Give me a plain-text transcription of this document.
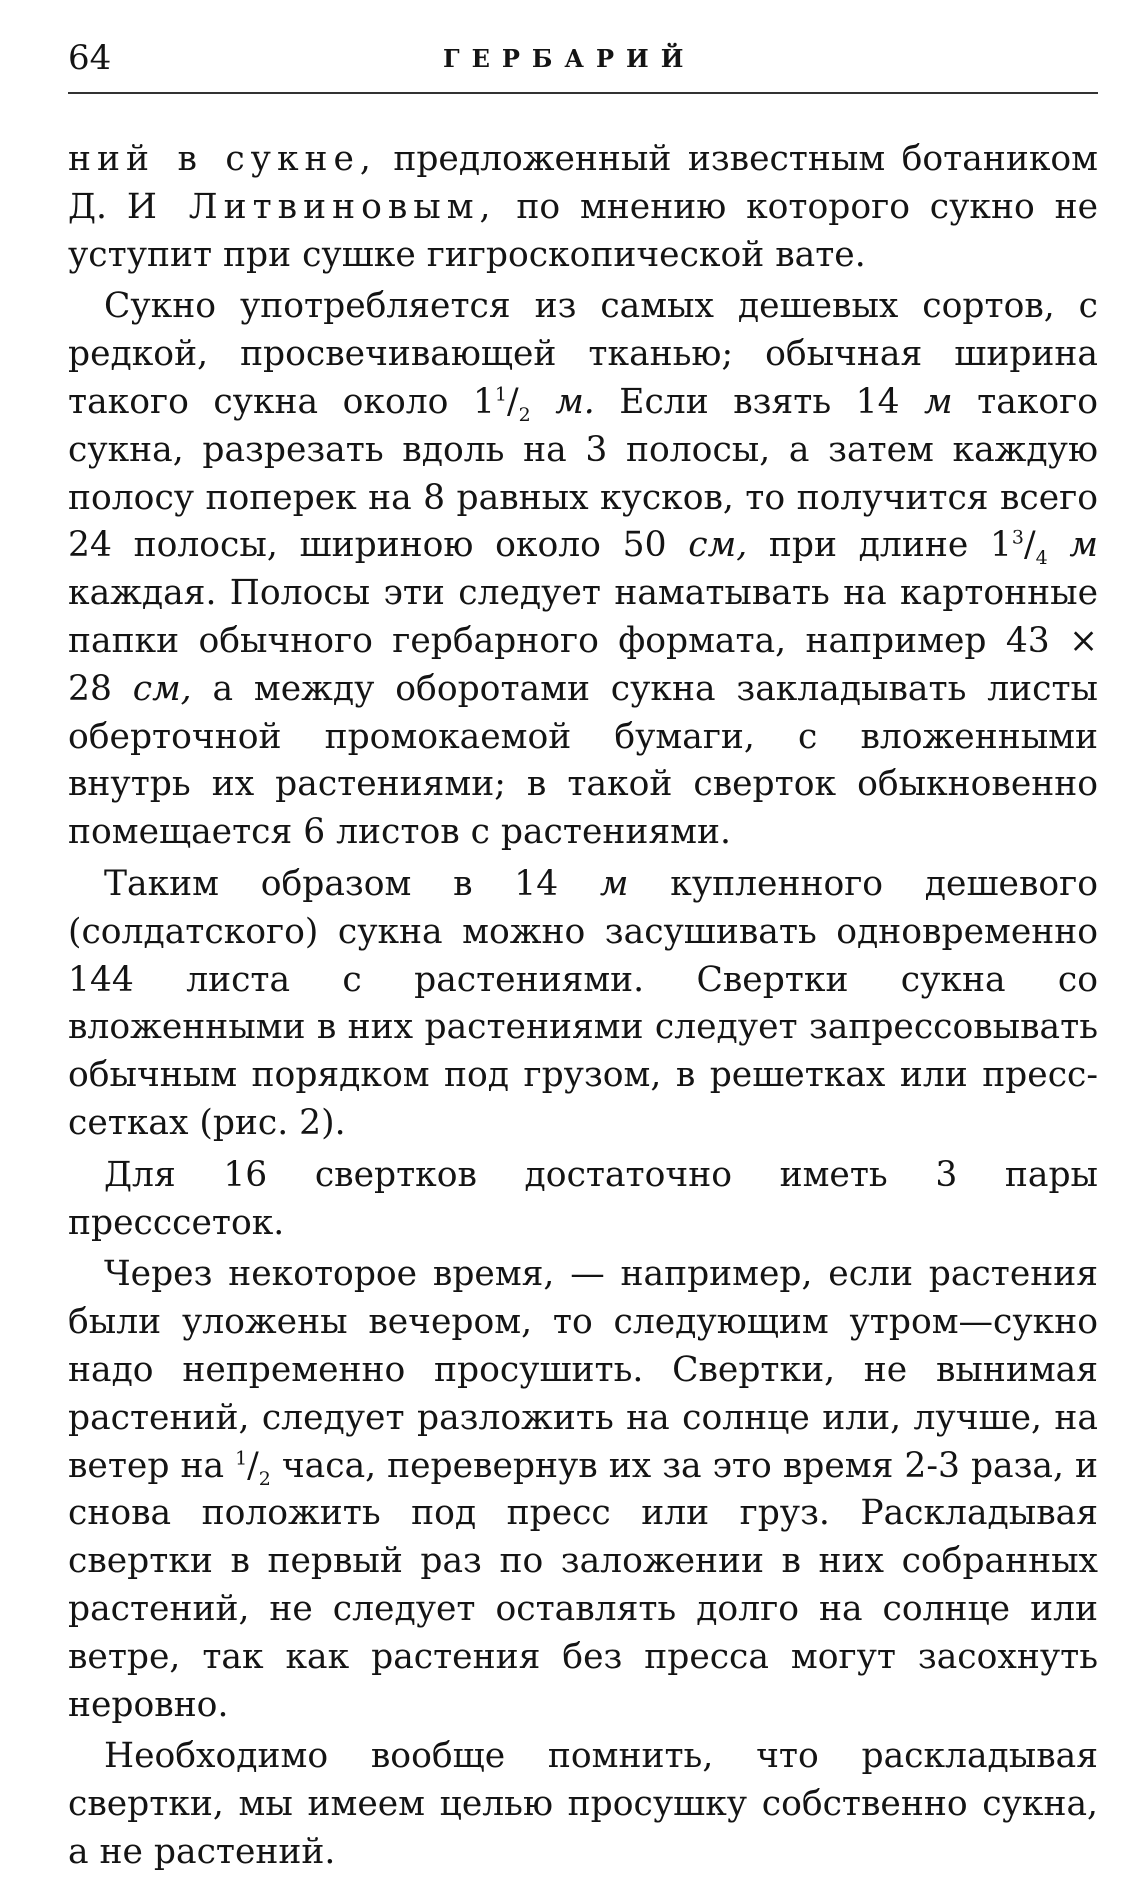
64	ГЕРБАРИЙ

ний в сукне, предложенный известным ботаником Д. И Литвиновым, по мнению которого сукно не уступит при сушке гигроскопической вате.

Сукно употребляется из самых дешевых сортов, с редкой, просвечивающей тканью; обычная ширина такого сукна около $1^1/_2$ м. Если взять 14 м такого сукна, разрезать вдоль на 3 полосы, а затем каждую полосу поперек на 8 равных кусков, то получится всего 24 полосы, шириною около 50 см, при длине $1^3/_4$ м каждая. Полосы эти следует наматывать на картонные папки обычного гербарного формата, например 43 × 28 см, а между оборотами сукна закладывать листы оберточной промокаемой бумаги, с вложенными внутрь их растениями; в такой сверток обыкновенно помещается 6 листов с растениями.

Таким образом в 14 м купленного дешевого (солдатского) сукна можно засушивать одновременно 144 листа с растениями. Свертки сукна со вложенными в них растениями следует запрессовывать обычным порядком под грузом, в решетках или пресс-сетках (рис. 2).

Для 16 свертков достаточно иметь 3 пары пресссеток.

Через некоторое время, — например, если растения были уложены вечером, то следующим утром—сукно надо непременно просушить. Свертки, не вынимая растений, следует разложить на солнце или, лучше, на ветер на $^1/_2$ часа, перевернув их за это время 2-3 раза, и снова положить под пресс или груз. Раскладывая свертки в первый раз по заложении в них собранных растений, не следует оставлять долго на солнце или ветре, так как растения без пресса могут засохнуть неровно.

Необходимо вообще помнить, что раскладывая свертки, мы имеем целью просушку собственно сукна, а не растений.
